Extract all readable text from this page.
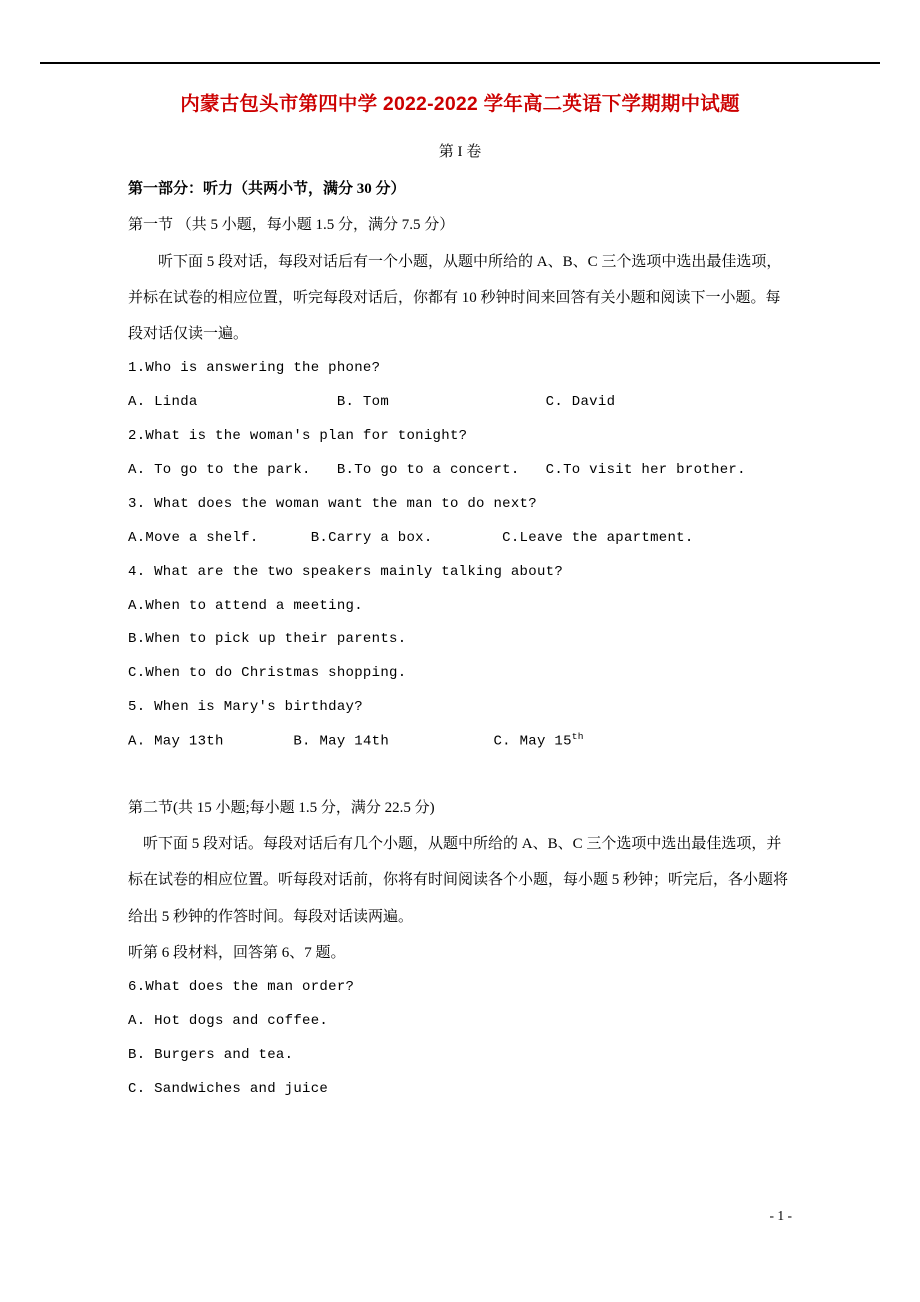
内蒙古包头市第四中学 2022-2022 学年高二英语下学期期中试题
第 I 卷

第一部分：听力（共两小节，满分 30 分）

第一节 （共 5 小题，每小题 1.5 分，满分 7.5 分）

听下面 5 段对话，每段对话后有一个小题，从题中所给的 A、B、C 三个选项中选出最佳选项，并标在试卷的相应位置，听完每段对话后，你都有 10 秒钟时间来回答有关小题和阅读下一小题。每段对话仅读一遍。

1.Who is answering the phone?

A. Linda                B. Tom                  C. David

2.What is the woman's plan for tonight?

A. To go to the park.   B.To go to a concert.   C.To visit her brother.

3. What does the woman want the man to do next?

A.Move a shelf.      B.Carry a box.        C.Leave the apartment.

4. What are the two speakers mainly talking about?

A.When to attend a meeting.

B.When to pick up their parents.

C.When to do Christmas shopping.

5. When is Mary's birthday?

A. May 13th	B. May 14th	C. May 15th

第二节(共 15 小题;每小题 1.5 分，满分 22.5 分)

听下面 5 段对话。每段对话后有几个小题，从题中所给的 A、B、C 三个选项中选出最佳选项，并标在试卷的相应位置。听每段对话前，你将有时间阅读各个小题，每小题 5 秒钟；听完后，各小题将给出 5 秒钟的作答时间。每段对话读两遍。

听第 6 段材料，回答第 6、7 题。

6.What does the man order?

A. Hot dogs and coffee.

B. Burgers and tea.

C. Sandwiches and juice

- 1 -
